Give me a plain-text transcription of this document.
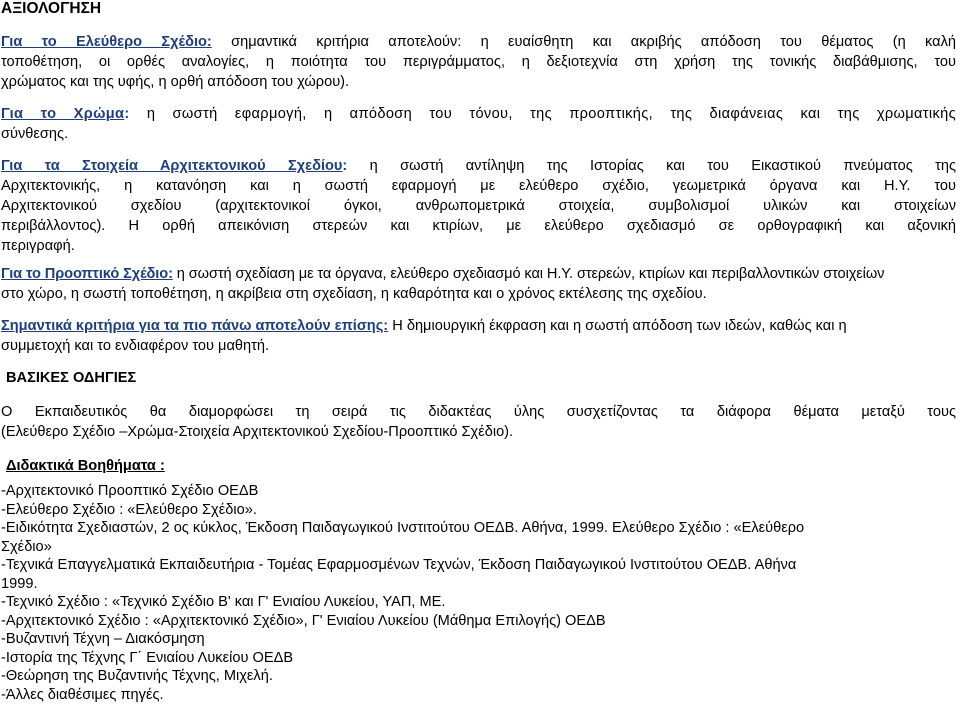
ΑΞΙΟΛΟΓΗΣΗ

Για το Ελεύθερο Σχέδιο: σημαντικά κριτήρια αποτελούν: η ευαίσθητη και ακριβής απόδοση του θέματος (η καλή

τοποθέτηση, οι ορθές αναλογίες, η ποιότητα του περιγράμματος, η δεξιοτεχνία στη χρήση της τονικής διαβάθμισης, του

χρώματος και της υφής, η ορθή απόδοση του χώρου).

Για το Χρώμα: η σωστή εφαρμογή, η απόδοση του τόνου, της προοπτικής, της διαφάνειας και της χρωματικής

σύνθεσης.

Για τα Στοιχεία Αρχιτεκτονικού Σχεδίου: η σωστή αντίληψη της Ιστορίας και του Εικαστικού πνεύματος της

Αρχιτεκτονικής, η κατανόηση και η σωστή εφαρμογή με ελεύθερο σχέδιο, γεωμετρικά όργανα και Η.Υ. του

Αρχιτεκτονικού σχεδίου (αρχιτεκτονικοί όγκοι, ανθρωπομετρικά στοιχεία, συμβολισμοί υλικών και στοιχείων

περιβάλλοντος). Η ορθή απεικόνιση στερεών και κτιρίων, με ελεύθερο σχεδιασμό σε ορθογραφική και αξονική

περιγραφή.

Για το Προοπτικό Σχέδιο: η σωστή σχεδίαση με τα όργανα, ελεύθερο σχεδιασμό και Η.Υ. στερεών, κτιρίων και περιβαλλοντικών στοιχείων

στο χώρο, η σωστή τοποθέτηση, η ακρίβεια στη σχεδίαση, η καθαρότητα και ο χρόνος εκτέλεσης της σχεδίου.

Σημαντικά κριτήρια για τα πιο πάνω αποτελούν επίσης: Η δημιουργική έκφραση και η σωστή απόδοση των ιδεών, καθώς και η

συμμετοχή και το ενδιαφέρον του μαθητή.

ΒΑΣΙΚΕΣ ΟΔΗΓΙΕΣ

Ο Εκπαιδευτικός θα διαμορφώσει τη σειρά τις διδακτέας ύλης συσχετίζοντας τα διάφορα θέματα μεταξύ τους

(Ελεύθερο Σχέδιο –Χρώμα-Στοιχεία Αρχιτεκτονικού Σχεδίου-Προοπτικό Σχέδιο).

Διδακτικά Βοηθήματα :

-Αρχιτεκτονικό Προοπτικό Σχέδιο ΟΕΔΒ

-Ελεύθερο Σχέδιο : «Ελεύθερο Σχέδιο».

-Ειδικότητα Σχεδιαστών, 2 ος κύκλος, Έκδοση Παιδαγωγικού Ινστιτούτου ΟΕΔΒ. Αθήνα, 1999. Ελεύθερο Σχέδιο : «Ελεύθερο

Σχέδιο»

-Τεχνικά Επαγγελματικά Εκπαιδευτήρια - Τομέας Εφαρμοσμένων Τεχνών, Έκδοση Παιδαγωγικού Ινστιτούτου ΟΕΔΒ. Αθήνα

1999.

-Τεχνικό Σχέδιο : «Τεχνικό Σχέδιο Β' και Γ' Ενιαίου Λυκείου, ΥΑΠ, ΜΕ.

-Αρχιτεκτονικό Σχέδιο : «Αρχιτεκτονικό Σχέδιο», Γ' Ενιαίου Λυκείου (Μάθημα Επιλογής) ΟΕΔΒ

-Βυζαντινή Τέχνη – Διακόσμηση

-Ιστορία της Τέχνης Γ΄ Ενιαίου Λυκείου ΟΕΔΒ

-Θεώρηση της Βυζαντινής Τέχνης, Μιχελή.

-Άλλες διαθέσιμες πηγές.
